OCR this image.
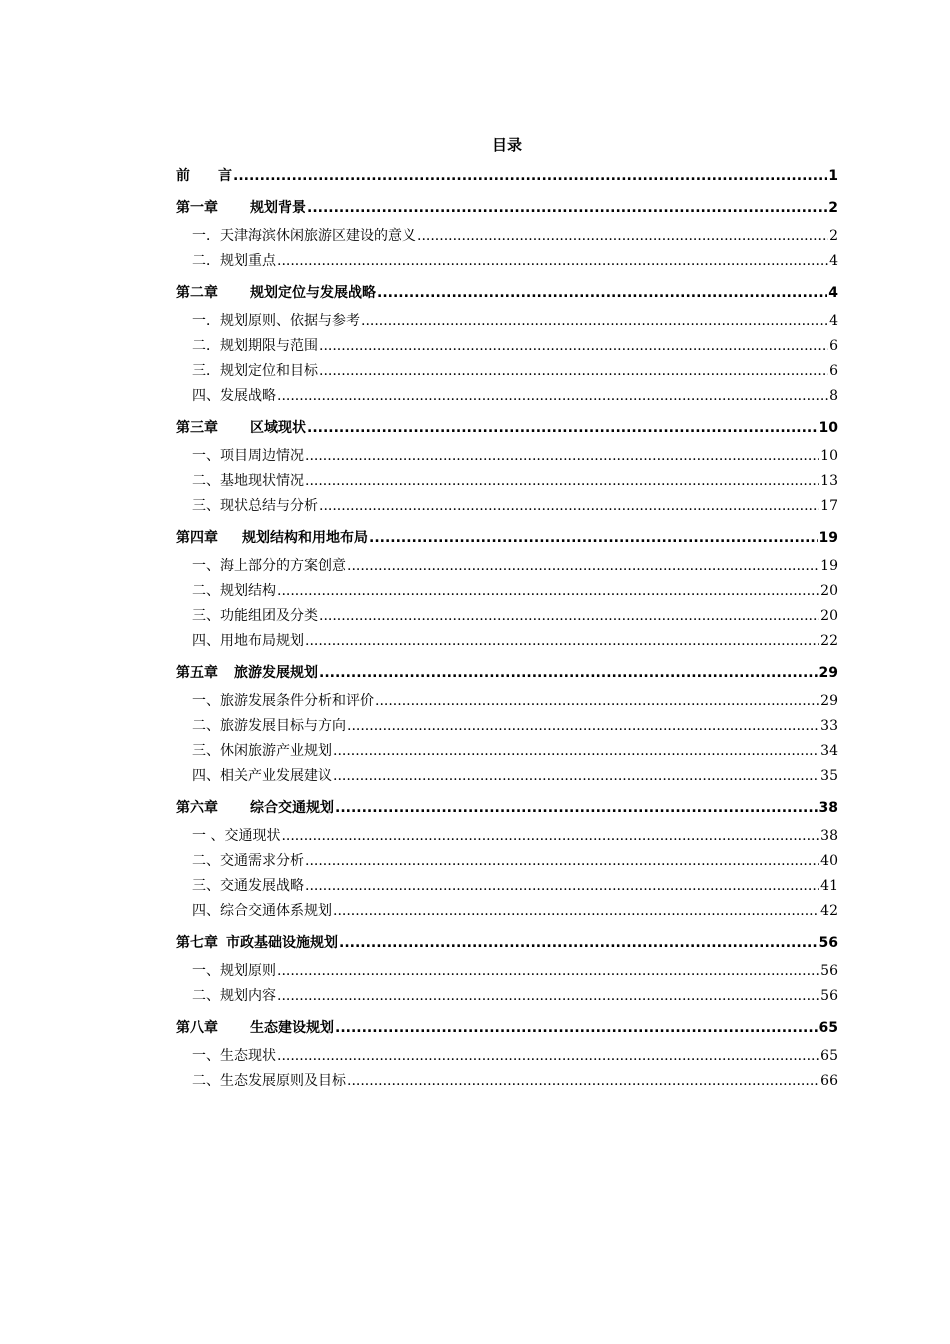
目录
前　　言 .....	1
第一章 规划背景 .....	2
一．天津海滨休闲旅游区建设的意义 .....	2
二．规划重点 .....	4
第二章 规划定位与发展战略 .....	4
一．规划原则、依据与参考 .....	4
二．规划期限与范围 .....	6
三．规划定位和目标 .....	6
四、发展战略 .....	8
第三章 区域现状 .....	10
一、项目周边情况 .....	10
二、基地现状情况 .....	13
三、现状总结与分析 .....	17
第四章 规划结构和用地布局 .....	19
一、海上部分的方案创意 .....	19
二、规划结构 .....	20
三、功能组团及分类 .....	20
四、用地布局规划 .....	22
第五章 旅游发展规划 .....	29
一、旅游发展条件分析和评价 .....	29
二、旅游发展目标与方向 .....	33
三、休闲旅游产业规划 .....	34
四、相关产业发展建议 .....	35
第六章 综合交通规划 .....	38
一 、交通现状 .....	38
二、交通需求分析 .....	40
三、交通发展战略 .....	41
四、综合交通体系规划 .....	42
第七章 市政基础设施规划 .....	56
一、规划原则 .....	56
二、规划内容 .....	56
第八章 生态建设规划 .....	65
一、生态现状 .....	65
二、生态发展原则及目标 .....	66
